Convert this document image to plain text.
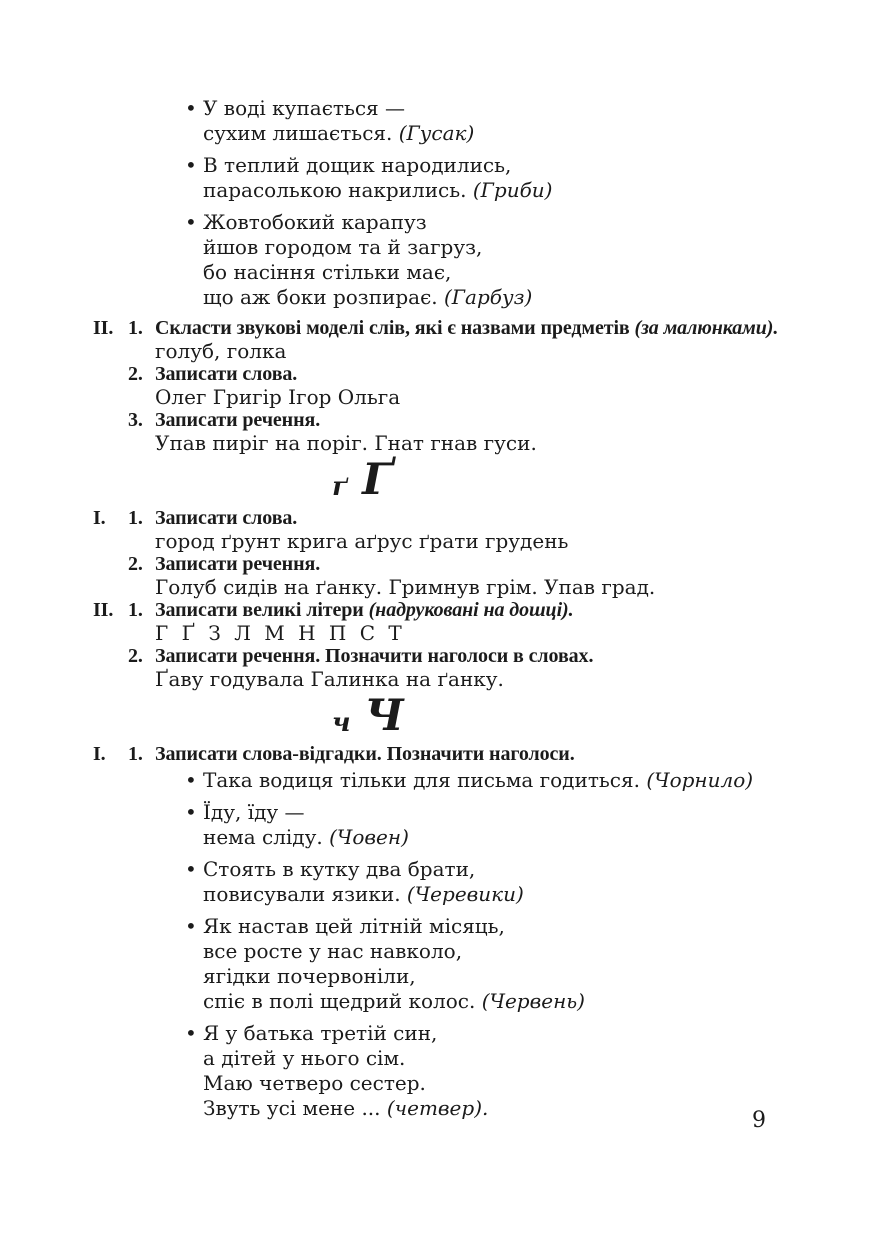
• У воді купається —
сухим лишається. (Гусак)
• В теплий дощик народились,
парасолькою накрились. (Гриби)
• Жовтобокий карапуз
йшов городом та й загруз,
бо насіння стільки має,
що аж боки розпирає. (Гарбуз)
II. 1. Скласти звукові моделі слів, які є назвами предметів (за малюнками).
голуб, голка
2. Записати слова.
Олег Григір Ігор Ольга
3. Записати речення.
Упав пиріг на поріг. Гнат гнав гуси.
ґ Ґ
I.	1. Записати слова.
город ґрунт крига аґрус ґрати грудень
2. Записати речення.
Голуб сидів на ґанку. Гримнув грім. Упав град.
II. 1. Записати великі літери (надруковані на дошці).
Г Ґ З Л М Н П С Т
2. Записати речення. Позначити наголоси в словах.
Ґаву годувала Галинка на ґанку.
ч Ч
I.	1. Записати слова-відгадки. Позначити наголоси.
• Така водиця тільки для письма годиться. (Чорнило)
• Їду, їду —
нема сліду. (Човен)
• Стоять в кутку два брати,
повисували язики. (Черевики)
• Як настав цей літній місяць,
все росте у нас навколо,
ягідки почервоніли,
спіє в полі щедрий колос. (Червень)
• Я у батька третій син,
а дітей у нього сім.
Маю четверо сестер.
Звуть усі мене ... (четвер).	9
